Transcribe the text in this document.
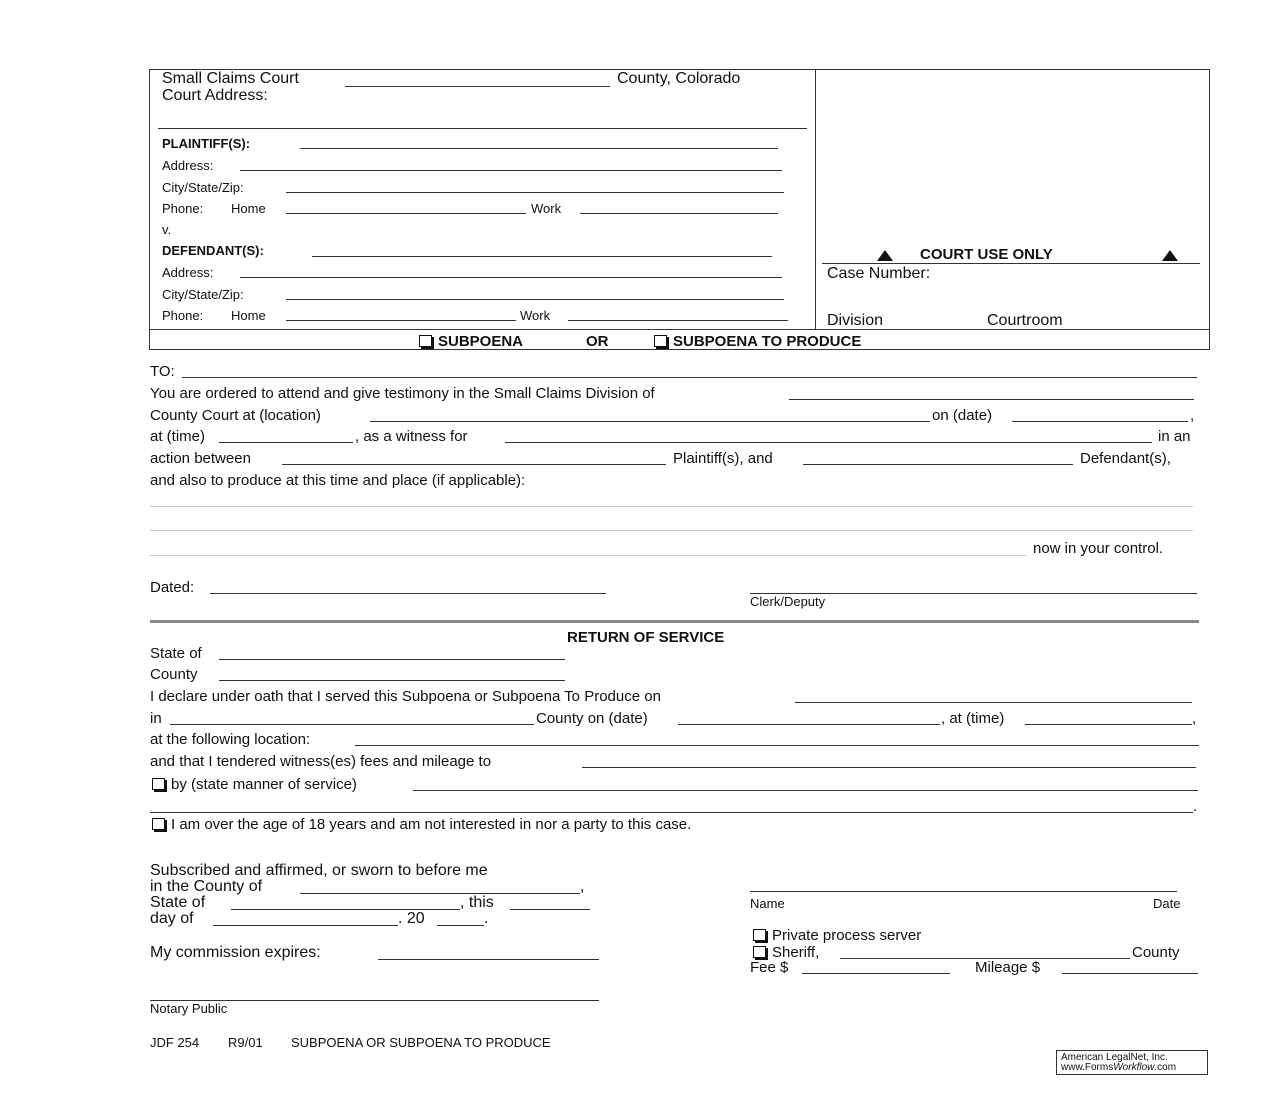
Small Claims Court	County, Colorado
Court Address:
PLAINTIFF(S):
Address:
City/State/Zip:
Phone: Home	Work
v.
DEFENDANT(S):
Address:
City/State/Zip:
Phone: Home	Work
COURT USE ONLY
Case Number:
Division	Courtroom
SUBPOENA	OR	SUBPOENA TO PRODUCE
TO:
You are ordered to attend and give testimony in the Small Claims Division of
County Court at (location)	on (date)	,
at (time)	, as a witness for	in an
action between	Plaintiff(s), and	Defendant(s),
and also to produce at this time and place (if applicable):
now in your control.
Dated:
Clerk/Deputy
RETURN OF SERVICE
State of
County
I declare under oath that I served this Subpoena or Subpoena To Produce on
in	County on (date)	, at (time)	,
at the following location:
and that I tendered witness(es) fees and mileage to
by (state manner of service)
.
I am over the age of 18 years and am not interested in nor a party to this case.
Subscribed and affirmed, or sworn to before me
in the County of	,
State of	, this
day of	. 20	.
My commission expires:
Notary Public
Name	Date
Private process server
Sheriff,	County
Fee $	Mileage $
JDF 254 R9/01 SUBPOENA OR SUBPOENA TO PRODUCE
American LegalNet, Inc.
www.FormsWorkflow.com
